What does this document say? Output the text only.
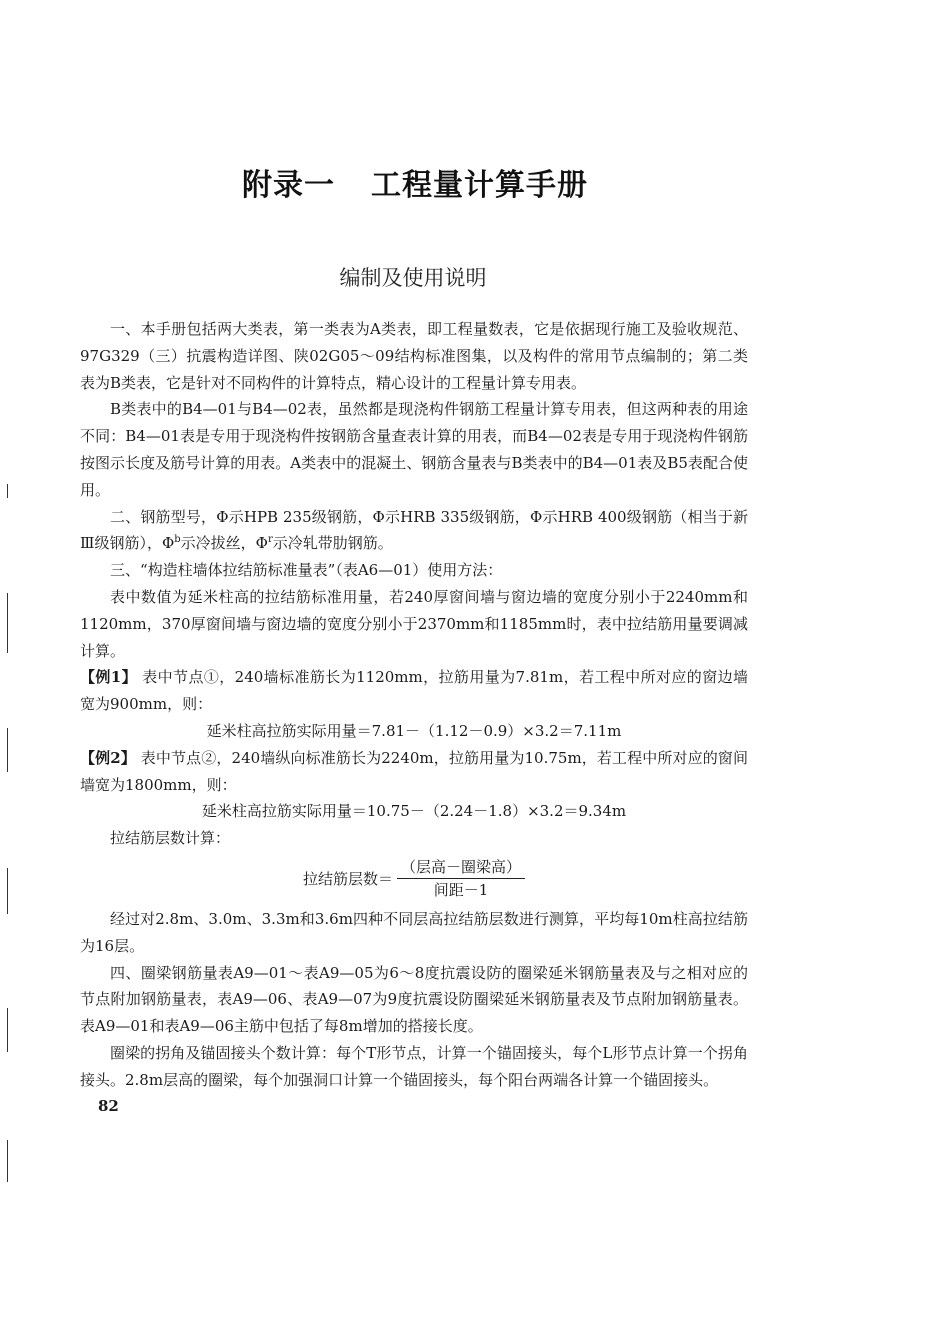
附录一 工程量计算手册
编制及使用说明

一、本手册包括两大类表，第一类表为A类表，即工程量数表，它是依据现行施工及验收规范、97G329（三）抗震构造详图、陕02G05～09结构标准图集，以及构件的常用节点编制的；第二类表为B类表，它是针对不同构件的计算特点，精心设计的工程量计算专用表。

B类表中的B4—01与B4—02表，虽然都是现浇构件钢筋工程量计算专用表，但这两种表的用途不同：B4—01表是专用于现浇构件按钢筋含量查表计算的用表，而B4—02表是专用于现浇构件钢筋按图示长度及筋号计算的用表。A类表中的混凝土、钢筋含量表与B类表中的B4—01表及B5表配合使用。

二、钢筋型号，Φ示HPB 235级钢筋，Φ示HRB 335级钢筋，Φ示HRB 400级钢筋（相当于新Ⅲ级钢筋），$\Phi^b$示冷拔丝，$\Phi^r$示冷轧带肋钢筋。

三、“构造柱墙体拉结筋标准量表”（表A6—01）使用方法：

表中数值为延米柱高的拉结筋标准用量，若240厚窗间墙与窗边墙的宽度分别小于2240mm和1120mm，370厚窗间墙与窗边墙的宽度分别小于2370mm和1185mm时，表中拉结筋用量要调减计算。

【例1】 表中节点①，240墙标准筋长为1120mm，拉筋用量为7.81m，若工程中所对应的窗边墙宽为900mm，则：

延米柱高拉筋实际用量＝7.81－（1.12－0.9）×3.2＝7.11m

【例2】 表中节点②，240墙纵向标准筋长为2240m，拉筋用量为10.75m，若工程中所对应的窗间墙宽为1800mm，则：

延米柱高拉筋实际用量＝10.75－（2.24－1.8）×3.2＝9.34m

拉结筋层数计算：

拉结筋层数＝ $\frac{\text{（层高－圈梁高）}}{\text{间距－1}}$

经过对2.8m、3.0m、3.3m和3.6m四种不同层高拉结筋层数进行测算，平均每10m柱高拉结筋为16层。

四、圈梁钢筋量表A9—01～表A9—05为6～8度抗震设防的圈梁延米钢筋量表及与之相对应的节点附加钢筋量表，表A9—06、表A9—07为9度抗震设防圈梁延米钢筋量表及节点附加钢筋量表。表A9—01和表A9—06主筋中包括了每8m增加的搭接长度。

圈梁的拐角及锚固接头个数计算：每个T形节点，计算一个锚固接头，每个L形节点计算一个拐角接头。2.8m层高的圈梁，每个加强洞口计算一个锚固接头，每个阳台两端各计算一个锚固接头。

82
